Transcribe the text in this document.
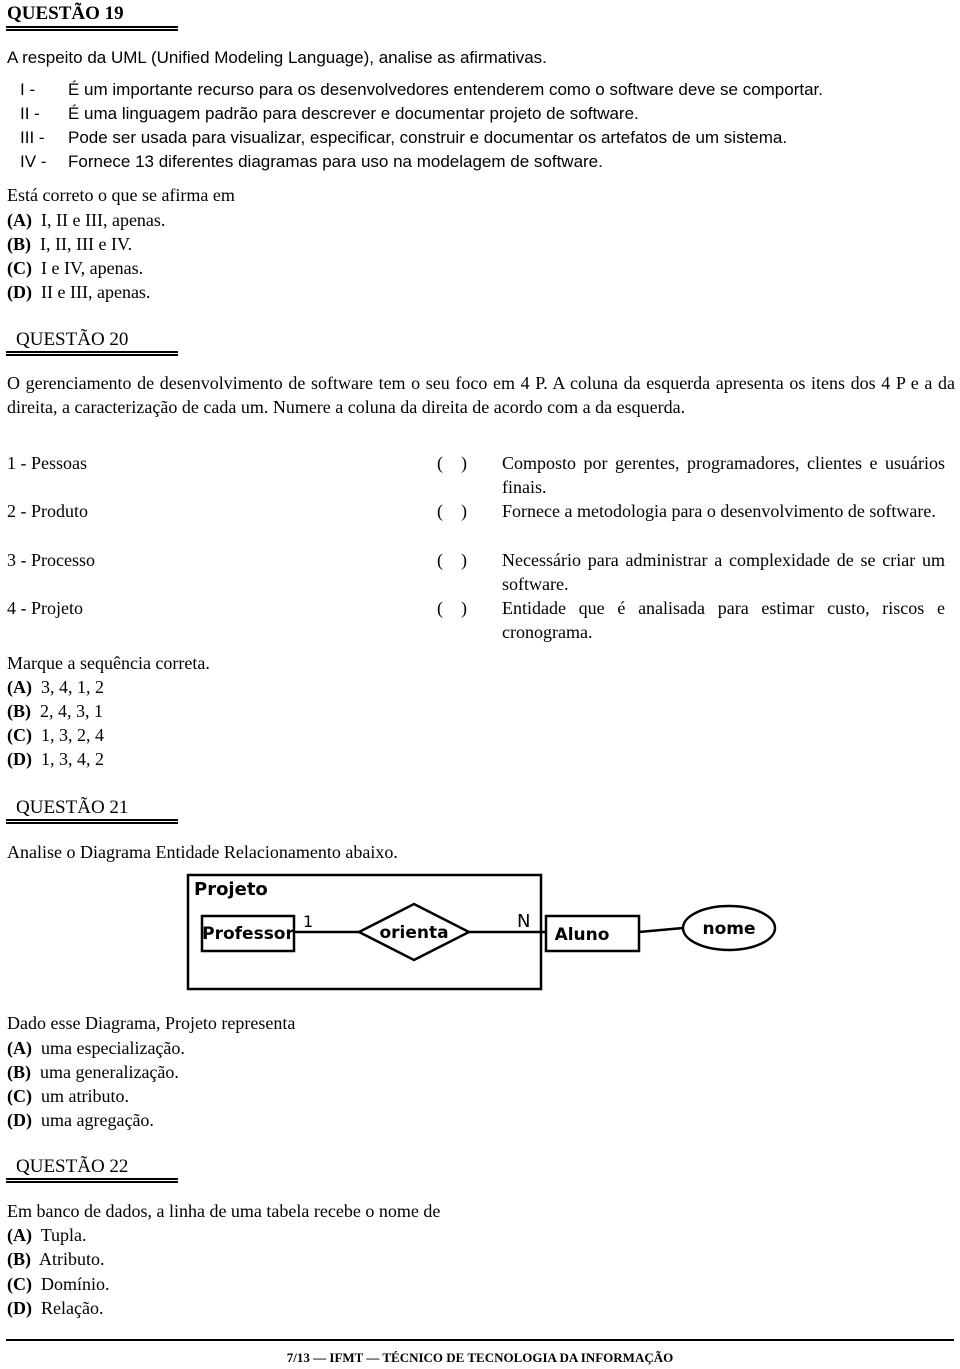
QUESTÃO 19
A respeito da UML (Unified Modeling Language), analise as afirmativas.
I - É um importante recurso para os desenvolvedores entenderem como o software deve se comportar.
II - É uma linguagem padrão para descrever e documentar projeto de software.
III - Pode ser usada para visualizar, especificar, construir e documentar os artefatos de um sistema.
IV - Fornece 13 diferentes diagramas para uso na modelagem de software.
Está correto o que se afirma em
(A) I, II e III, apenas.
(B) I, II, III e IV.
(C) I e IV, apenas.
(D) II e III, apenas.
QUESTÃO 20
O gerenciamento de desenvolvimento de software tem o seu foco em 4 P. A coluna da esquerda apresenta os itens dos 4 P e a da direita, a caracterização de cada um. Numere a coluna da direita de acordo com a da esquerda.
1 - Pessoas	(    ) Composto por gerentes, programadores, clientes e usuários finais.
2 - Produto	(    ) Fornece a metodologia para o desenvolvimento de software.
3 - Processo	(    ) Necessário para administrar a complexidade de se criar um software.
4 - Projeto	(    ) Entidade que é analisada para estimar custo, riscos e cronograma.
Marque a sequência correta.
(A) 3, 4, 1, 2
(B) 2, 4, 3, 1
(C) 1, 3, 2, 4
(D) 1, 3, 4, 2
QUESTÃO 21
Analise o Diagrama Entidade Relacionamento abaixo.
Projeto
Professor
1	N
orienta	Aluno	nome
Dado esse Diagrama, Projeto representa
(A) uma especialização.
(B) uma generalização.
(C) um atributo.
(D) uma agregação.
QUESTÃO 22
Em banco de dados, a linha de uma tabela recebe o nome de
(A) Tupla.
(B) Atributo.
(C) Domínio.
(D) Relação.
7/13 — IFMT — TÉCNICO DE TECNOLOGIA DA INFORMAÇÃO
